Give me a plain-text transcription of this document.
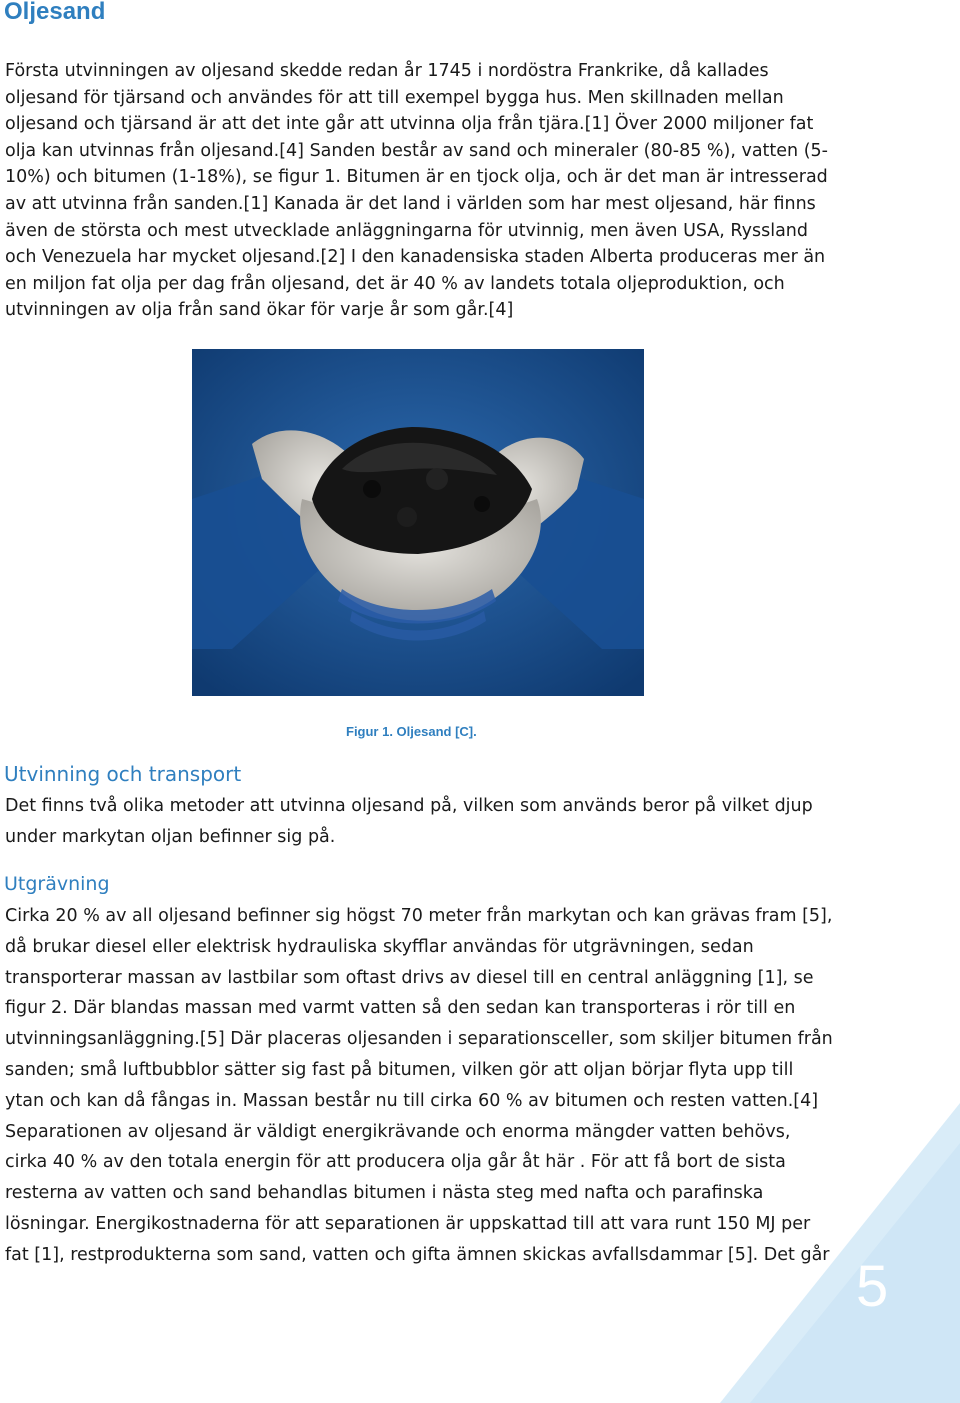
Oljesand

Första utvinningen av oljesand skedde redan år 1745 i nordöstra Frankrike, då kallades oljesand för tjärsand och användes för att till exempel bygga hus. Men skillnaden mellan oljesand och tjärsand är att det inte går att utvinna olja från tjära.[1] Över 2000 miljoner fat olja kan utvinnas från oljesand.[4] Sanden består av sand och mineraler (80-85 %), vatten (5-10%) och bitumen (1-18%), se figur 1. Bitumen är en tjock olja, och är det man är intresserad av att utvinna från sanden.[1] Kanada är det land i världen som har mest oljesand, här finns även de största och mest utvecklade anläggningarna för utvinnig, men även USA, Ryssland och Venezuela har mycket oljesand.[2] I den kanadensiska staden Alberta produceras mer än en miljon fat olja per dag från oljesand, det är 40 % av landets totala oljeproduktion, och utvinningen av olja från sand ökar för varje år som går.[4]

Figur 1. Oljesand [C].

Utvinning och transport

Det finns två olika metoder att utvinna oljesand på, vilken som används beror på vilket djup under markytan oljan befinner sig på.

Utgrävning

Cirka 20 % av all oljesand befinner sig högst 70 meter från markytan och kan grävas fram [5], då brukar diesel eller elektrisk hydrauliska skyfflar användas för utgrävningen, sedan transporterar massan av lastbilar som oftast drivs av diesel till en central anläggning [1], se figur 2. Där blandas massan med varmt vatten så den sedan kan transporteras i rör till en utvinningsanläggning.[5] Där placeras oljesanden i separationsceller, som skiljer bitumen från sanden; små luftbubblor sätter sig fast på bitumen, vilken gör att oljan börjar flyta upp till ytan och kan då fångas in. Massan består nu till cirka 60 % av bitumen och resten vatten.[4] Separationen av oljesand är väldigt energikrävande och enorma mängder vatten behövs, cirka 40 % av den totala energin för att producera olja går åt här . För att få bort de sista resterna av vatten och sand behandlas bitumen i nästa steg med nafta och parafinska lösningar. Energikostnaderna för att separationen är uppskattad till att vara runt 150 MJ per fat [1], restprodukterna som sand, vatten och gifta ämnen skickas avfallsdammar [5]. Det går 5
